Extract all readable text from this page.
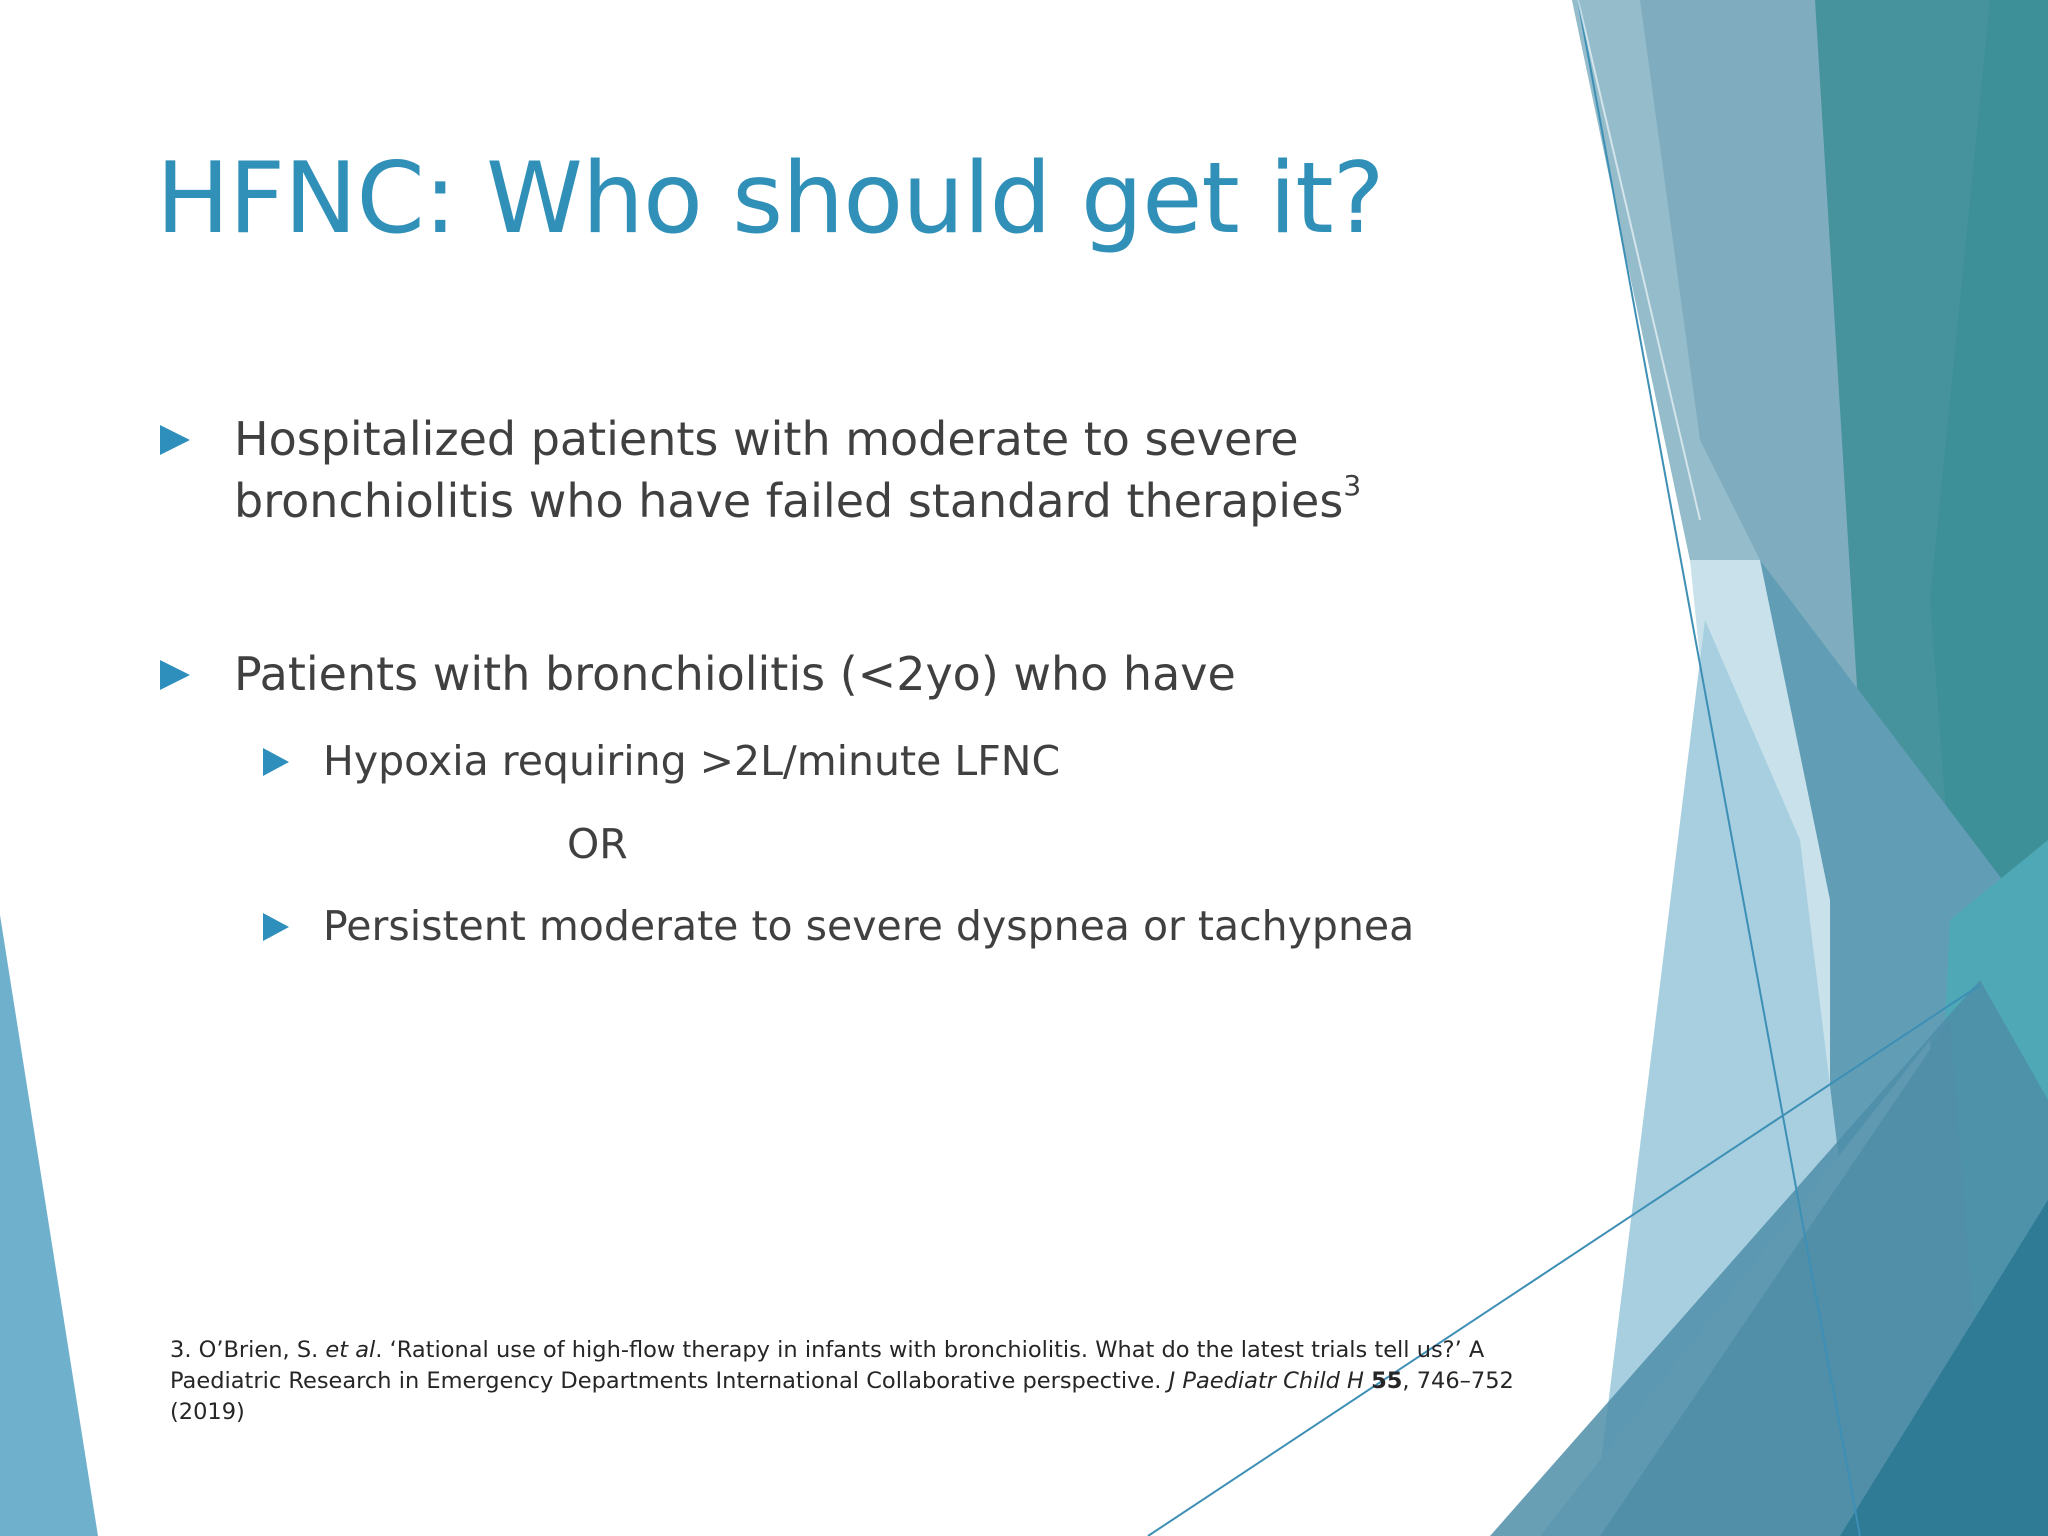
HFNC: Who should get it?
Hospitalized patients with moderate to severe bronchiolitis who have failed standard therapies$^3$
Patients with bronchiolitis (<2yo) who have
Hypoxia requiring >2L/minute LFNC
OR
Persistent moderate to severe dyspnea or tachypnea
3. O’Brien, S. et al. ‘Rational use of high-flow therapy in infants with bronchiolitis. What do the latest trials tell us?’ A Paediatric Research in Emergency Departments International Collaborative perspective. J Paediatr Child H 55, 746–752 (2019)
